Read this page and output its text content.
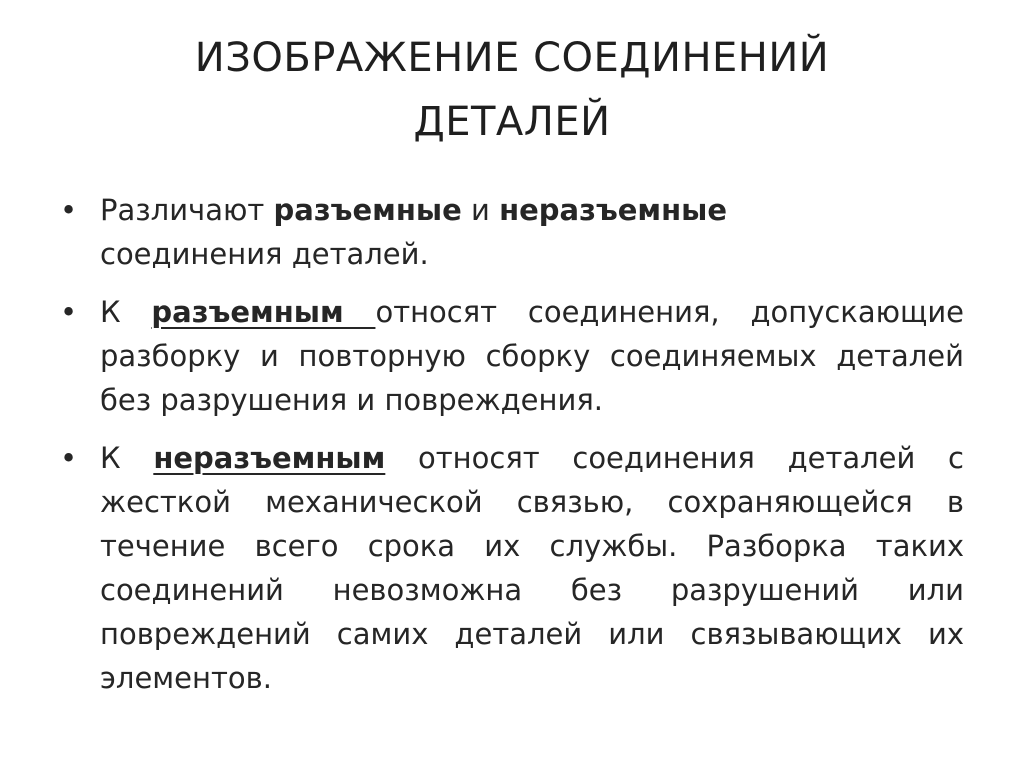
ИЗОБРАЖЕНИЕ СОЕДИНЕНИЙ
ДЕТАЛЕЙ
• Различают разъемные и неразъемные
соединения деталей.
• К разъемным относят соединения, допускающие разборку и повторную сборку соединяемых деталей без разрушения и повреждения.
• К неразъемным относят соединения деталей с жесткой механической связью, сохраняющейся в течение всего срока их службы. Разборка таких соединений невозможна без разрушений или повреждений самих деталей или связывающих их элементов.
